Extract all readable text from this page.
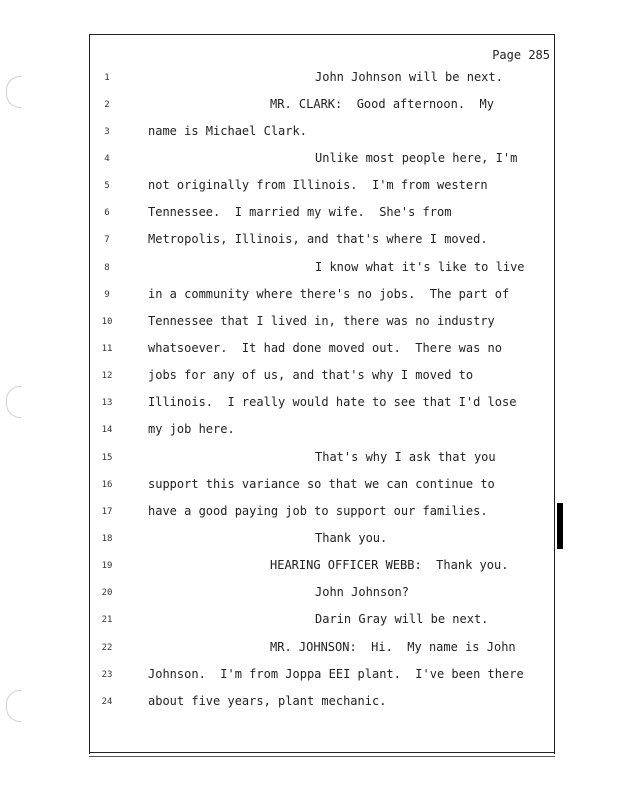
Page 285
1	John Johnson will be next.
2	MR. CLARK:  Good afternoon.  My
3	name is Michael Clark.
4	Unlike most people here, I'm
5	not originally from Illinois.  I'm from western
6	Tennessee.  I married my wife.  She's from
7	Metropolis, Illinois, and that's where I moved.
8	I know what it's like to live
9	in a community where there's no jobs.  The part of
10	Tennessee that I lived in, there was no industry
11	whatsoever.  It had done moved out.  There was no
12	jobs for any of us, and that's why I moved to
13	Illinois.  I really would hate to see that I'd lose
14	my job here.
15	That's why I ask that you
16	support this variance so that we can continue to
17	have a good paying job to support our families.
18	Thank you.
19	HEARING OFFICER WEBB:  Thank you.
20	John Johnson?
21	Darin Gray will be next.
22	MR. JOHNSON:  Hi.  My name is John
23	Johnson.  I'm from Joppa EEI plant.  I've been there
24	about five years, plant mechanic.
